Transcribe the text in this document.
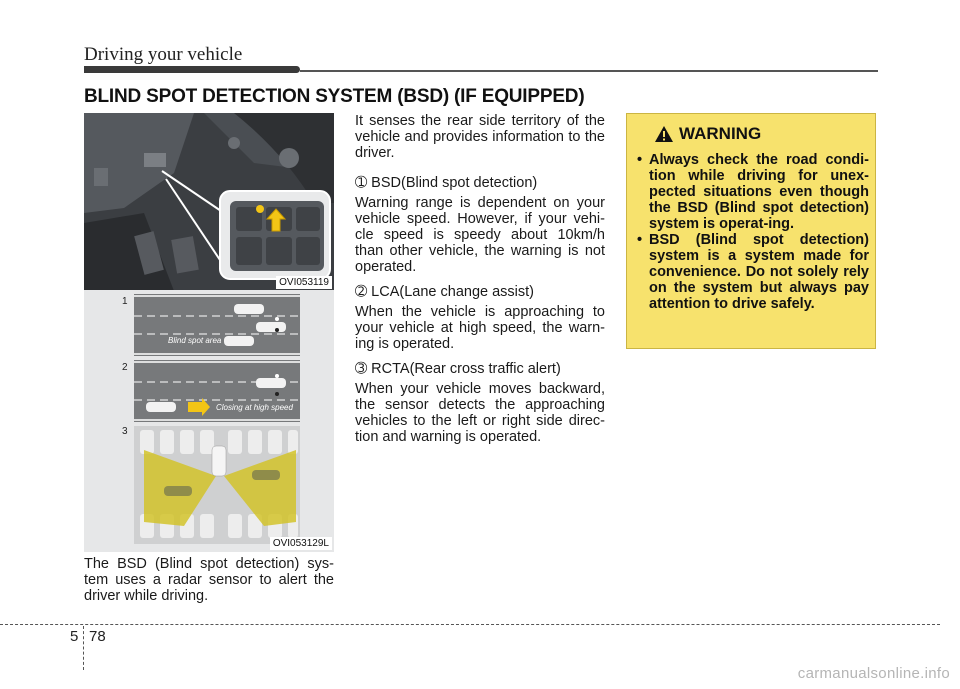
Driving your vehicle
BLIND SPOT DETECTION SYSTEM (BSD) (IF EQUIPPED)
OVI053119
1
2
3
Blind spot area
Closing at high speed
OVI053129L
The BSD (Blind spot detection) sys-tem uses a radar sensor to alert the driver while driving.

It senses the rear side territory of the vehicle and provides information to the driver.

➀ BSD(Blind spot detection)

Warning range is dependent on your vehicle speed. However, if your vehi-cle speed is speedy about 10km/h than other vehicle, the warning is not operated.

➁ LCA(Lane change assist)

When the vehicle is approaching to your vehicle at high speed, the warn-ing is operated.

➂ RCTA(Rear cross traffic alert)

When your vehicle moves backward, the sensor detects the approaching vehicles to the left or right side direc-tion and warning is operated.

WARNING
• Always check the road condi-tion while driving for unex-pected situations even though the BSD (Blind spot detection) system is operat-ing.
• BSD (Blind spot detection) system is a system made for convenience. Do not solely rely on the system but always pay attention to drive safely.
5 78
carmanualsonline.info
